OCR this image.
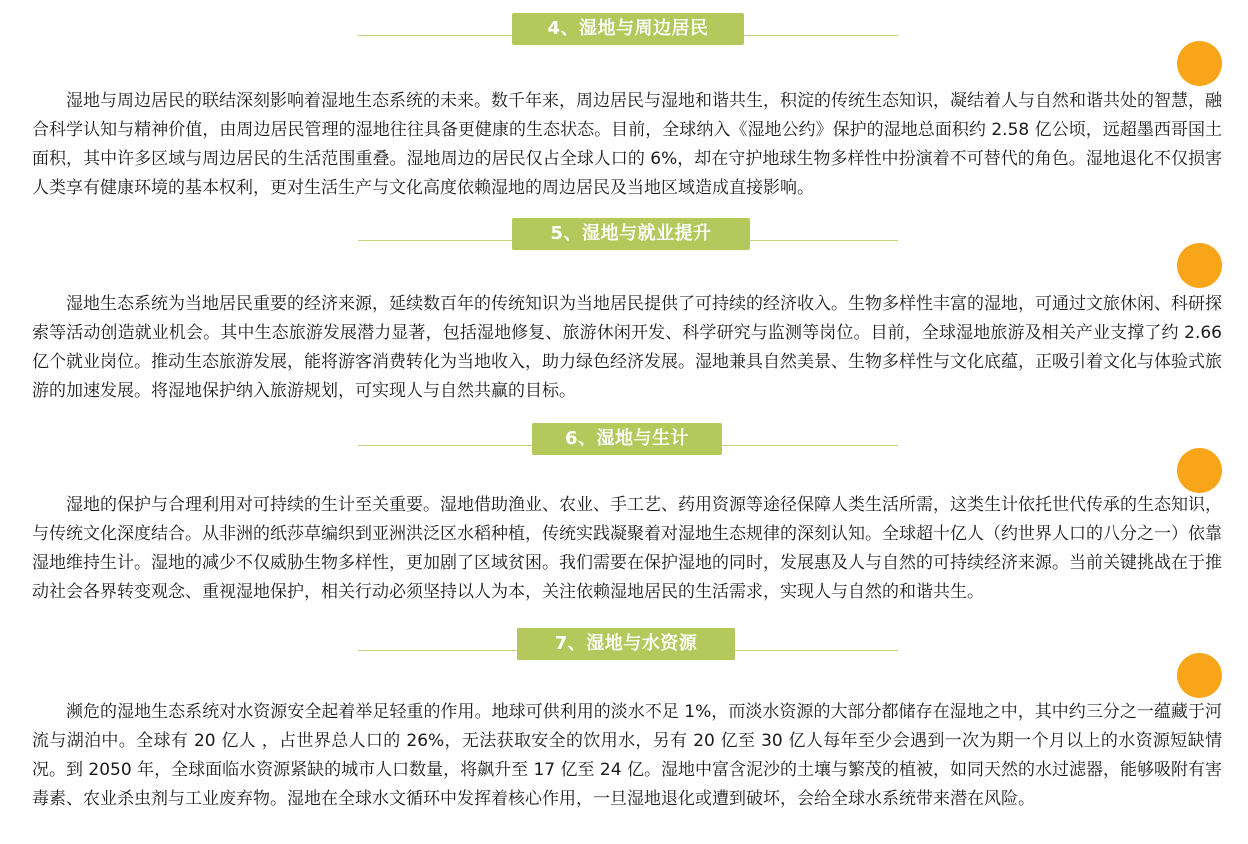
4、湿地与周边居民

湿地与周边居民的联结深刻影响着湿地生态系统的未来。数千年来，周边居民与湿地和谐共生，积淀的传统生态知识，凝结着人与自然和谐共处的智慧，融合科学认知与精神价值，由周边居民管理的湿地往往具备更健康的生态状态。目前，全球纳入《湿地公约》保护的湿地总面积约 2.58 亿公顷，远超墨西哥国土面积，其中许多区域与周边居民的生活范围重叠。湿地周边的居民仅占全球人口的 6%，却在守护地球生物多样性中扮演着不可替代的角色。湿地退化不仅损害人类享有健康环境的基本权利，更对生活生产与文化高度依赖湿地的周边居民及当地区域造成直接影响。

5、湿地与就业提升

湿地生态系统为当地居民重要的经济来源，延续数百年的传统知识为当地居民提供了可持续的经济收入。生物多样性丰富的湿地，可通过文旅休闲、科研探索等活动创造就业机会。其中生态旅游发展潜力显著，包括湿地修复、旅游休闲开发、科学研究与监测等岗位。目前，全球湿地旅游及相关产业支撑了约 2.66 亿个就业岗位。推动生态旅游发展，能将游客消费转化为当地收入，助力绿色经济发展。湿地兼具自然美景、生物多样性与文化底蕴，正吸引着文化与体验式旅游的加速发展。将湿地保护纳入旅游规划，可实现人与自然共赢的目标。

6、湿地与生计

湿地的保护与合理利用对可持续的生计至关重要。湿地借助渔业、农业、手工艺、药用资源等途径保障人类生活所需，这类生计依托世代传承的生态知识，与传统文化深度结合。从非洲的纸莎草编织到亚洲洪泛区水稻种植，传统实践凝聚着对湿地生态规律的深刻认知。全球超十亿人（约世界人口的八分之一）依靠湿地维持生计。湿地的减少不仅威胁生物多样性，更加剧了区域贫困。我们需要在保护湿地的同时，发展惠及人与自然的可持续经济来源。当前关键挑战在于推动社会各界转变观念、重视湿地保护，相关行动必须坚持以人为本，关注依赖湿地居民的生活需求，实现人与自然的和谐共生。

7、湿地与水资源

濒危的湿地生态系统对水资源安全起着举足轻重的作用。地球可供利用的淡水不足 1%，而淡水资源的大部分都储存在湿地之中，其中约三分之一蕴藏于河流与湖泊中。全球有 20 亿人 ，占世界总人口的 26%，无法获取安全的饮用水，另有 20 亿至 30 亿人每年至少会遇到一次为期一个月以上的水资源短缺情况。到 2050 年，全球面临水资源紧缺的城市人口数量，将飙升至 17 亿至 24 亿。湿地中富含泥沙的土壤与繁茂的植被，如同天然的水过滤器，能够吸附有害毒素、农业杀虫剂与工业废弃物。湿地在全球水文循环中发挥着核心作用，一旦湿地退化或遭到破坏，会给全球水系统带来潜在风险。
